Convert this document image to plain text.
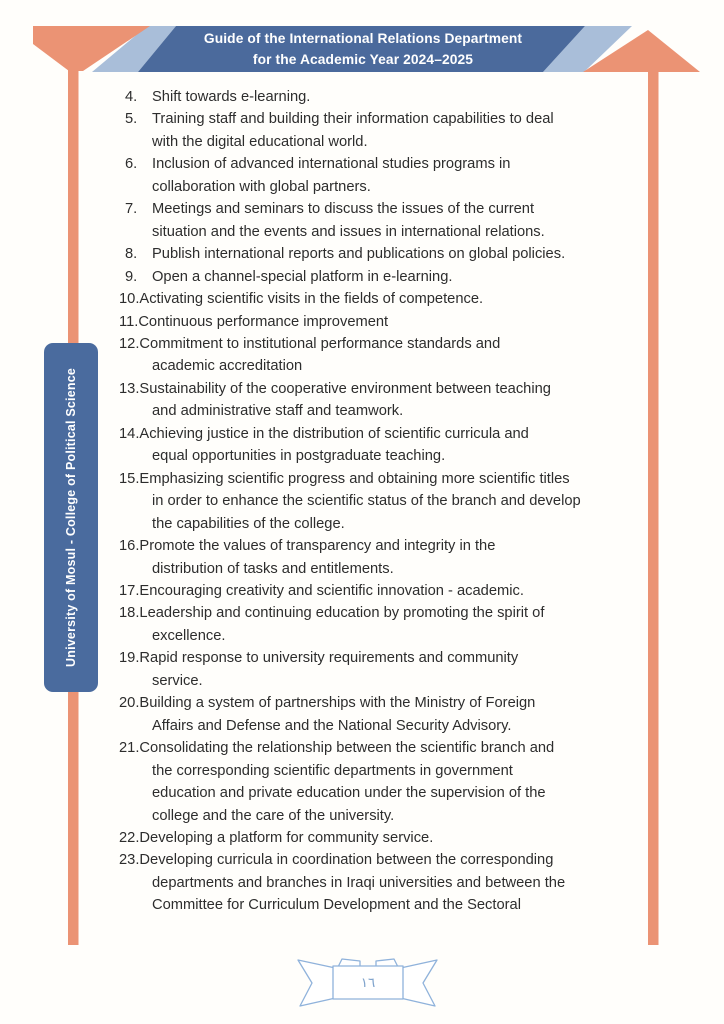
Guide of the International Relations Department
for the Academic Year 2024–2025
University of Mosul - College of Political Science
4. Shift towards e-learning.
5. Training staff and building their information capabilities to deal
with the digital educational world.
6. Inclusion of advanced international studies programs in
collaboration with global partners.
7. Meetings and seminars to discuss the issues of the current
situation and the events and issues in international relations.
8. Publish international reports and publications on global policies.
9. Open a channel-special platform in e-learning.
10.Activating scientific visits in the fields of competence.
11.Continuous performance improvement
12.Commitment to institutional performance standards and
academic accreditation
13.Sustainability of the cooperative environment between teaching
and administrative staff and teamwork.
14.Achieving justice in the distribution of scientific curricula and
equal opportunities in postgraduate teaching.
15.Emphasizing scientific progress and obtaining more scientific titles
in order to enhance the scientific status of the branch and develop
the capabilities of the college.
16.Promote the values of transparency and integrity in the
distribution of tasks and entitlements.
17.Encouraging creativity and scientific innovation - academic.
18.Leadership and continuing education by promoting the spirit of
excellence.
19.Rapid response to university requirements and community
service.
20.Building a system of partnerships with the Ministry of Foreign
Affairs and Defense and the National Security Advisory.
21.Consolidating the relationship between the scientific branch and
the corresponding scientific departments in government
education and private education under the supervision of the
college and the care of the university.
22.Developing a platform for community service.
23.Developing curricula in coordination between the corresponding
departments and branches in Iraqi universities and between the
Committee for Curriculum Development and the Sectoral
١٦
